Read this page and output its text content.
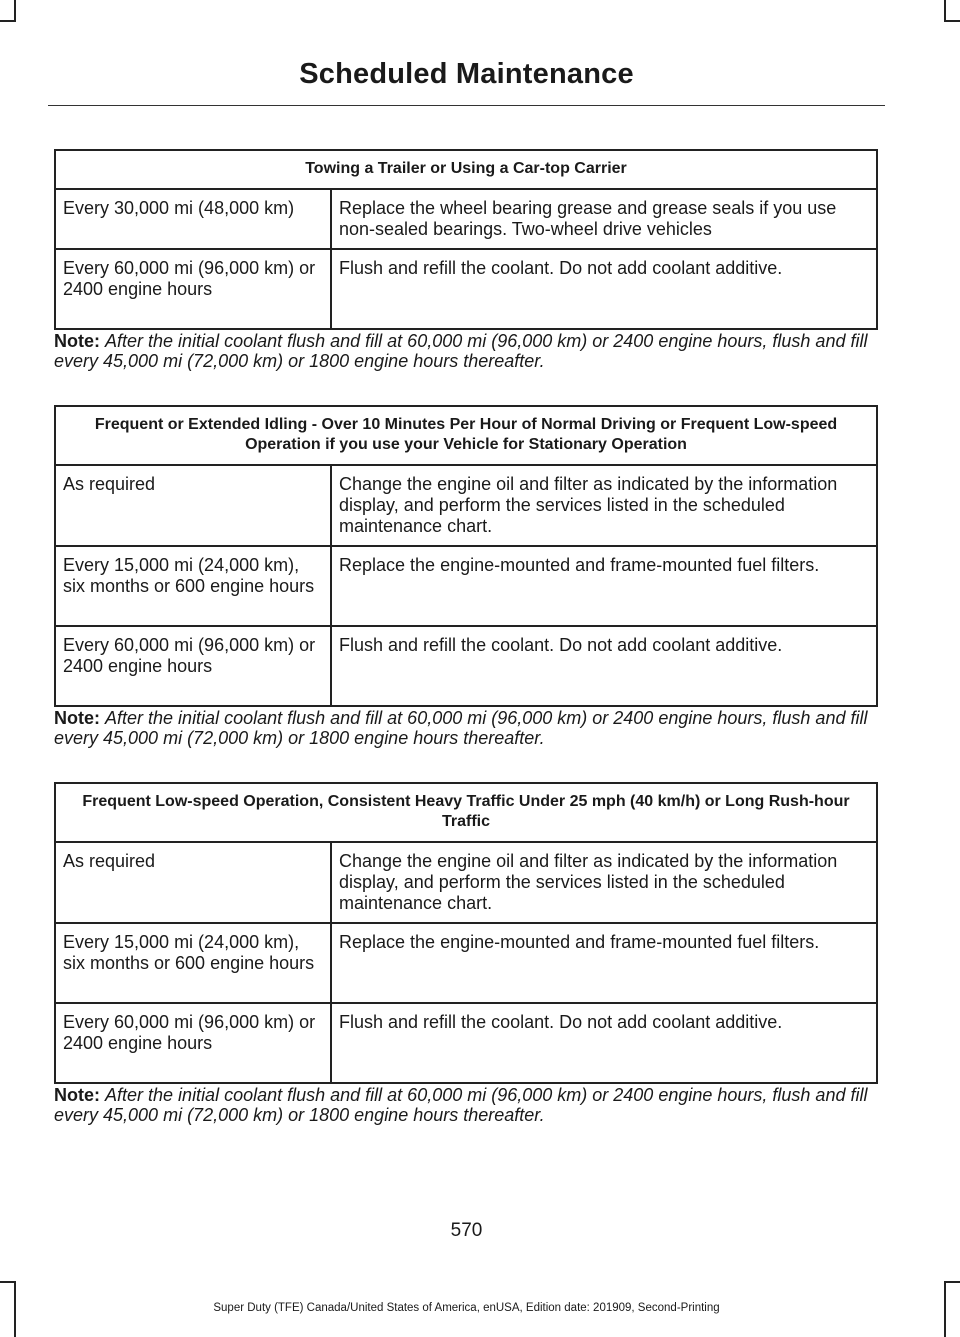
Scheduled Maintenance
Towing a Trailer or Using a Car-top Carrier	
Every 30,000 mi (48,000 km)	Replace the wheel bearing grease and grease seals if you use non-sealed bearings. Two-wheel drive vehicles
Every 60,000 mi (96,000 km) or 2400 engine hours	Flush and refill the coolant. Do not add coolant additive.
Note: After the initial coolant flush and fill at 60,000 mi (96,000 km) or 2400 engine hours, flush and fill every 45,000 mi (72,000 km) or 1800 engine hours thereafter.
Frequent or Extended Idling - Over 10 Minutes Per Hour of Normal Driving or Frequent Low-speed Operation if you use your Vehicle for Stationary Operation	
As required	Change the engine oil and filter as indicated by the information display, and perform the services listed in the scheduled maintenance chart.
Every 15,000 mi (24,000 km), six months or 600 engine hours	Replace the engine-mounted and frame-mounted fuel filters.
Every 60,000 mi (96,000 km) or 2400 engine hours	Flush and refill the coolant. Do not add coolant additive.
Note: After the initial coolant flush and fill at 60,000 mi (96,000 km) or 2400 engine hours, flush and fill every 45,000 mi (72,000 km) or 1800 engine hours thereafter.
Frequent Low-speed Operation, Consistent Heavy Traffic Under 25 mph (40 km/h) or Long Rush-hour Traffic	
As required	Change the engine oil and filter as indicated by the information display, and perform the services listed in the scheduled maintenance chart.
Every 15,000 mi (24,000 km), six months or 600 engine hours	Replace the engine-mounted and frame-mounted fuel filters.
Every 60,000 mi (96,000 km) or 2400 engine hours	Flush and refill the coolant. Do not add coolant additive.
Note: After the initial coolant flush and fill at 60,000 mi (96,000 km) or 2400 engine hours, flush and fill every 45,000 mi (72,000 km) or 1800 engine hours thereafter.
570
Super Duty (TFE) Canada/United States of America, enUSA, Edition date: 201909, Second-Printing
